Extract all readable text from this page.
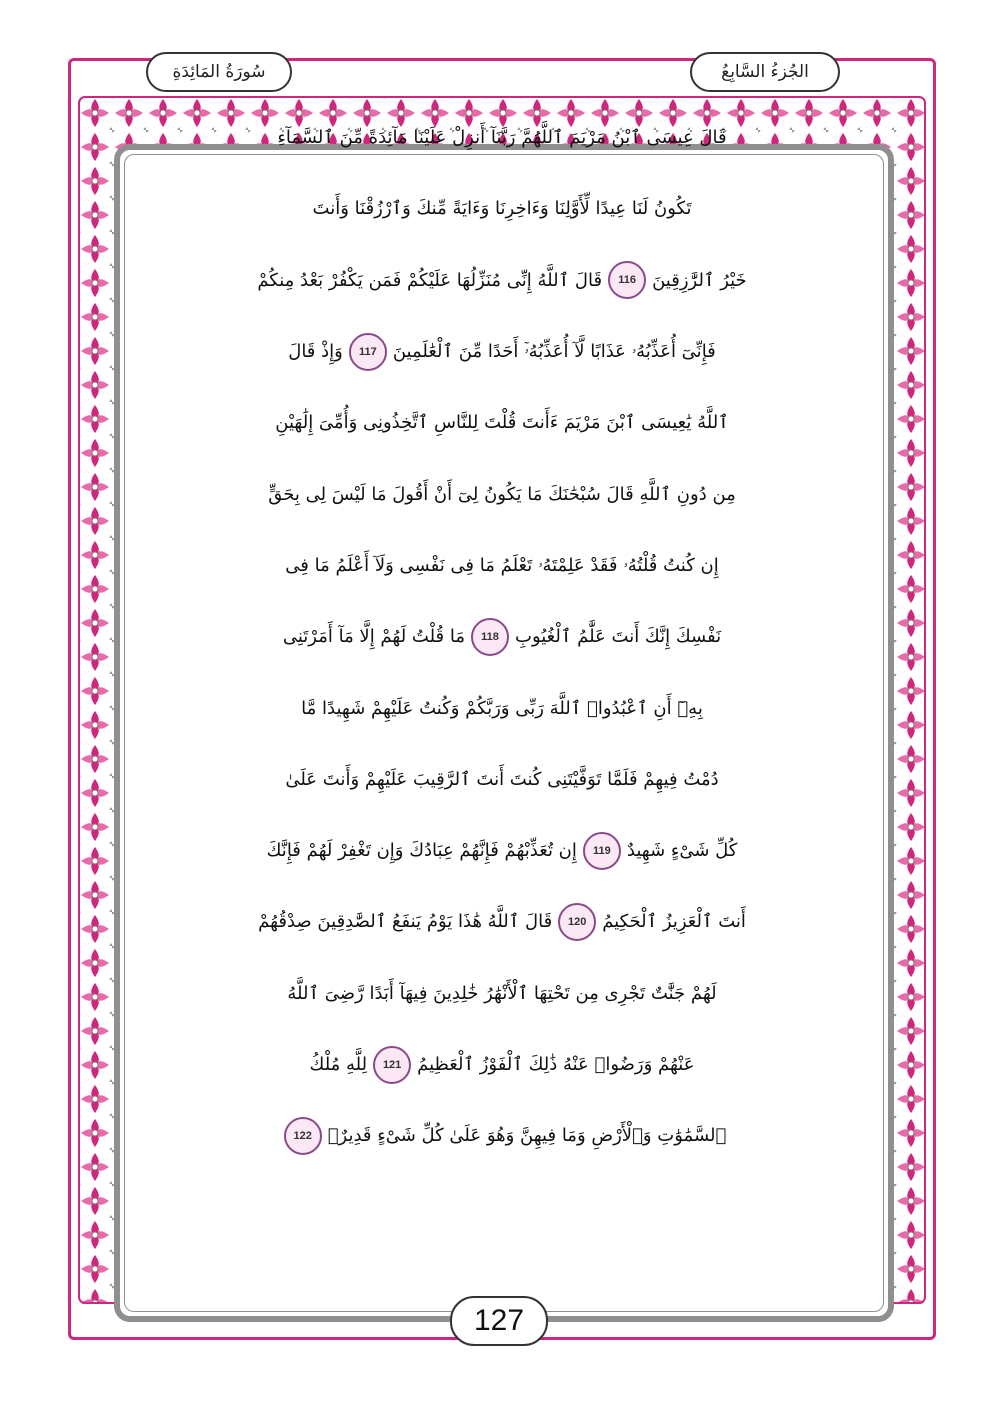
الجُزءُ السَّابِعُ
سُورَةُ المَائِدَةِ
قَالَ عِيسَى ٱبْنُ مَرْيَمَ ٱللَّهُمَّ رَبَّنَآ أَنزِلْ عَلَيْنَا مَآئِدَةً مِّنَ ٱلسَّمَآءِ
تَكُونُ لَنَا عِيدًا لِّأَوَّلِنَا وَءَاخِرِنَا وَءَايَةً مِّنكَ وَٱرْزُقْنَا وَأَنتَ
خَيْرُ ٱلرَّٰزِقِينَ
116
قَالَ ٱللَّهُ إِنِّى مُنَزِّلُهَا عَلَيْكُمْ فَمَن يَكْفُرْ بَعْدُ مِنكُمْ
فَإِنِّىٓ أُعَذِّبُهُۥ عَذَابًا لَّآ أُعَذِّبُهُۥٓ أَحَدًا مِّنَ ٱلْعَٰلَمِينَ
117
وَإِذْ قَالَ
ٱللَّهُ يَٰعِيسَى ٱبْنَ مَرْيَمَ ءَأَنتَ قُلْتَ لِلنَّاسِ ٱتَّخِذُونِى وَأُمِّىَ إِلَٰهَيْنِ
مِن دُونِ ٱللَّهِ قَالَ سُبْحَٰنَكَ مَا يَكُونُ لِىٓ أَنْ أَقُولَ مَا لَيْسَ لِى بِحَقٍّ
إِن كُنتُ قُلْتُهُۥ فَقَدْ عَلِمْتَهُۥ تَعْلَمُ مَا فِى نَفْسِى وَلَآ أَعْلَمُ مَا فِى
نَفْسِكَ إِنَّكَ أَنتَ عَلَّٰمُ ٱلْغُيُوبِ
118
مَا قُلْتُ لَهُمْ إِلَّا مَآ أَمَرْتَنِى
بِهِۦٓ أَنِ ٱعْبُدُوا۟ ٱللَّهَ رَبِّى وَرَبَّكُمْ وَكُنتُ عَلَيْهِمْ شَهِيدًا مَّا
دُمْتُ فِيهِمْ فَلَمَّا تَوَفَّيْتَنِى كُنتَ أَنتَ ٱلرَّقِيبَ عَلَيْهِمْ وَأَنتَ عَلَىٰ
كُلِّ شَىْءٍ شَهِيدٌ
119
إِن تُعَذِّبْهُمْ فَإِنَّهُمْ عِبَادُكَ وَإِن تَغْفِرْ لَهُمْ فَإِنَّكَ
أَنتَ ٱلْعَزِيزُ ٱلْحَكِيمُ
120
قَالَ ٱللَّهُ هَٰذَا يَوْمُ يَنفَعُ ٱلصَّٰدِقِينَ صِدْقُهُمْ
لَهُمْ جَنَّٰتٌ تَجْرِى مِن تَحْتِهَا ٱلْأَنْهَٰرُ خَٰلِدِينَ فِيهَآ أَبَدًا رَّضِىَ ٱللَّهُ
عَنْهُمْ وَرَضُوا۟ عَنْهُ ذَٰلِكَ ٱلْفَوْزُ ٱلْعَظِيمُ
121
لِلَّهِ مُلْكُ
ٱلسَّمَٰوَٰتِ وَٱلْأَرْضِ وَمَا فِيهِنَّ وَهُوَ عَلَىٰ كُلِّ شَىْءٍ قَدِيرٌۢ
122
127
